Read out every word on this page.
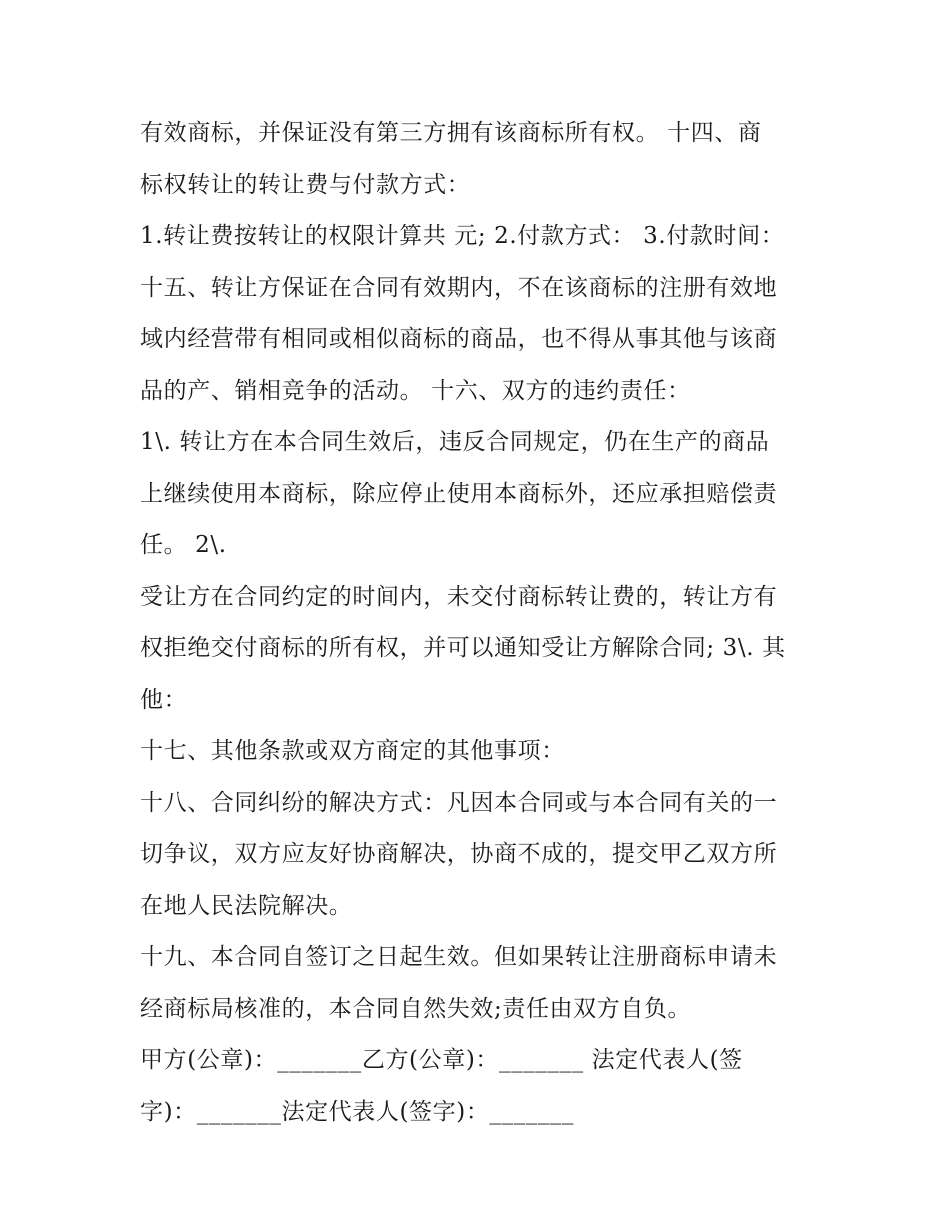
有效商标，并保证没有第三方拥有该商标所有权。 十四、商
标权转让的转让费与付款方式：
1.转让费按转让的权限计算共 元; 2.付款方式： 3.付款时间：
十五、转让方保证在合同有效期内，不在该商标的注册有效地
域内经营带有相同或相似商标的商品，也不得从事其他与该商
品的产、销相竞争的活动。 十六、双方的违约责任：
1\. 转让方在本合同生效后，违反合同规定，仍在生产的商品
上继续使用本商标，除应停止使用本商标外，还应承担赔偿责
任。 2\.
受让方在合同约定的时间内，未交付商标转让费的，转让方有
权拒绝交付商标的所有权，并可以通知受让方解除合同; 3\. 其
他：
十七、其他条款或双方商定的其他事项：
十八、合同纠纷的解决方式：凡因本合同或与本合同有关的一
切争议，双方应友好协商解决，协商不成的，提交甲乙双方所
在地人民法院解决。
十九、本合同自签订之日起生效。但如果转让注册商标申请未
经商标局核准的，本合同自然失效;责任由双方自负。
甲方(公章)：_______乙方(公章)：_______ 法定代表人(签
字)：_______法定代表人(签字)：_______
